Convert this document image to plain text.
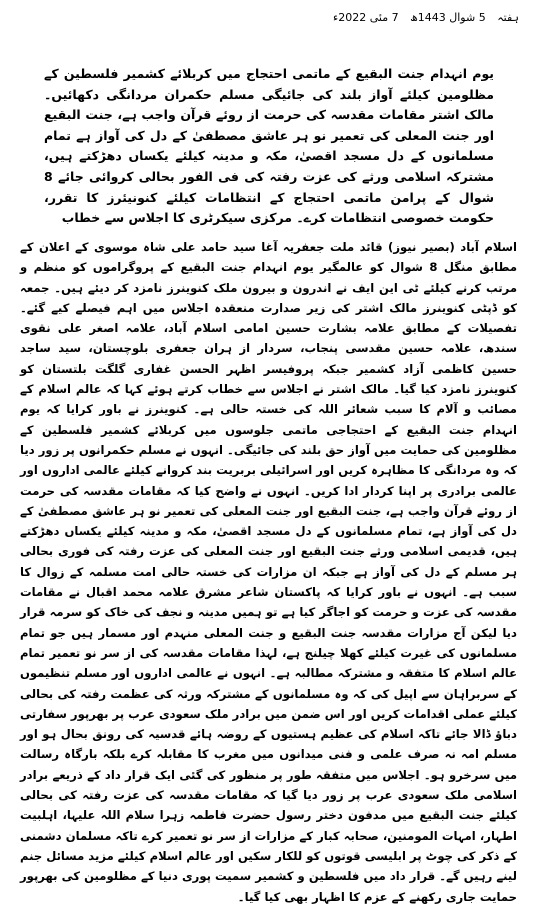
ہفتہ 5 شوال 1443ھ 7 مئی 2022ء
یوم انہدام جنت البقیع کے ماتمی احتجاج میں کربلائے کشمیر فلسطین کے مظلومین کیلئے آواز بلند کی جائیگی مسلم حکمران مردانگی دکھائیں۔ مالک اشتر مقامات مقدسہ کی حرمت از روئے قرآن واجب ہے، جنت البقیع اور جنت المعلی کی تعمیر نو ہر عاشق مصطفیٰ کے دل کی آواز ہے تمام مسلمانوں کے دل مسجد اقصیٰ، مکہ و مدینہ کیلئے یکساں دھڑکتے ہیں، مشترکہ اسلامی ورثے کی عزت رفتہ کی فی الفور بحالی کروائی جائے 8 شوال کے پرامن ماتمی احتجاج کے انتظامات کیلئے کنونیئرز کا تقرر، حکومت خصوصی انتظامات کرے۔ مرکزی سیکرٹری کا اجلاس سے خطاب
اسلام آباد (بصیر نیوز) قائد ملت جعفریہ آغا سید حامد علی شاہ موسوی کے اعلان کے مطابق منگل 8 شوال کو عالمگیر یوم انہدام جنت البقیع کے پروگراموں کو منظم و مرتب کرنے کیلئے ٹی این ایف نے اندرون و بیرون ملک کنوینرز نامزد کر دیئے ہیں۔ جمعہ کو ڈپٹی کنوینرز مالک اشتر کی زیر صدارت منعقدہ اجلاس میں اہم فیصلے کیے گئے۔ تفصیلات کے مطابق علامہ بشارت حسین امامی اسلام آباد، علامہ اصغر علی نقوی سندھ، علامہ حسین مقدسی پنجاب، سردار از ہران جعفری بلوچستان، سید ساجد حسین کاظمی آزاد کشمیر جبکہ پروفیسر اظہر الحسن غفاری گلگت بلتستان کو کنوینرز نامزد کیا گیا۔ مالک اشتر نے اجلاس سے خطاب کرتے ہوئے کہا کہ عالم اسلام کے مصائب و آلام کا سبب شعائر اللہ کی خستہ حالی ہے۔ کنوینرز نے باور کرایا کہ یوم انہدام جنت البقیع کے احتجاجی ماتمی جلوسوں میں کربلائے کشمیر فلسطین کے مظلومین کی حمایت میں آواز حق بلند کی جائیگی۔ انہوں نے مسلم حکمرانوں پر زور دیا کہ وہ مردانگی کا مظاہرہ کریں اور اسرائیلی بربریت بند کروانے کیلئے عالمی اداروں اور عالمی برادری پر اپنا کردار ادا کریں۔ انہوں نے واضح کیا کہ مقامات مقدسہ کی حرمت از روئے قرآن واجب ہے، جنت البقیع اور جنت المعلی کی تعمیر نو ہر عاشق مصطفیٰ کے دل کی آواز ہے، تمام مسلمانوں کے دل مسجد اقصیٰ، مکہ و مدینہ کیلئے یکساں دھڑکتے ہیں، قدیمی اسلامی ورثے جنت البقیع اور جنت المعلی کی عزت رفتہ کی فوری بحالی ہر مسلم کے دل کی آواز ہے جبکہ ان مزارات کی خستہ حالی امت مسلمہ کے زوال کا سبب ہے۔ انہوں نے باور کرایا کہ پاکستان شاعر مشرق علامہ محمد اقبال نے مقامات مقدسہ کی عزت و حرمت کو اجاگر کیا ہے تو ہمیں مدینہ و نجف کی خاک کو سرمہ قرار دیا لیکن آج مزارات مقدسہ جنت البقیع و جنت المعلی منہدم اور مسمار ہیں جو تمام مسلمانوں کی غیرت کیلئے کھلا چیلنج ہے، لہذا مقامات مقدسہ کی از سر نو تعمیر تمام عالم اسلام کا متفقہ و مشترکہ مطالبہ ہے۔ انہوں نے عالمی اداروں اور مسلم تنظیموں کے سربراہان سے اپیل کی کہ وہ مسلمانوں کے مشترکہ ورثہ کی عظمت رفتہ کی بحالی کیلئے عملی اقدامات کریں اور اس ضمن میں برادر ملک سعودی عرب پر بھرپور سفارتی دباؤ ڈالا جائے تاکہ اسلام کی عظیم ہستیوں کے روضہ ہائے قدسیہ کی رونق بحال ہو اور مسلم امہ نہ صرف علمی و فنی میدانوں میں مغرب کا مقابلہ کرے بلکہ بارگاہ رسالت میں سرخرو ہو۔ اجلاس میں متفقہ طور پر منظور کی گئی ایک قرار داد کے ذریعے برادر اسلامی ملک سعودی عرب پر زور دیا گیا کہ مقامات مقدسہ کی عزت رفتہ کی بحالی کیلئے جنت البقیع میں مدفون دختر رسول حضرت فاطمہ زہرا سلام اللہ علیہا، اہلبیت اطہار، امہات المومنین، صحابہ کبار کے مزارات از سر نو تعمیر کرے تاکہ مسلمان دشمنی کے ذکر کی چوٹ پر ابلیسی قوتوں کو للکار سکیں اور عالم اسلام کیلئے مزید مسائل جنم لینے رہیں گے۔ قرار داد میں فلسطین و کشمیر سمیت پوری دنیا کے مظلومین کی بھرپور حمایت جاری رکھنے کے عزم کا اظہار بھی کیا گیا۔
